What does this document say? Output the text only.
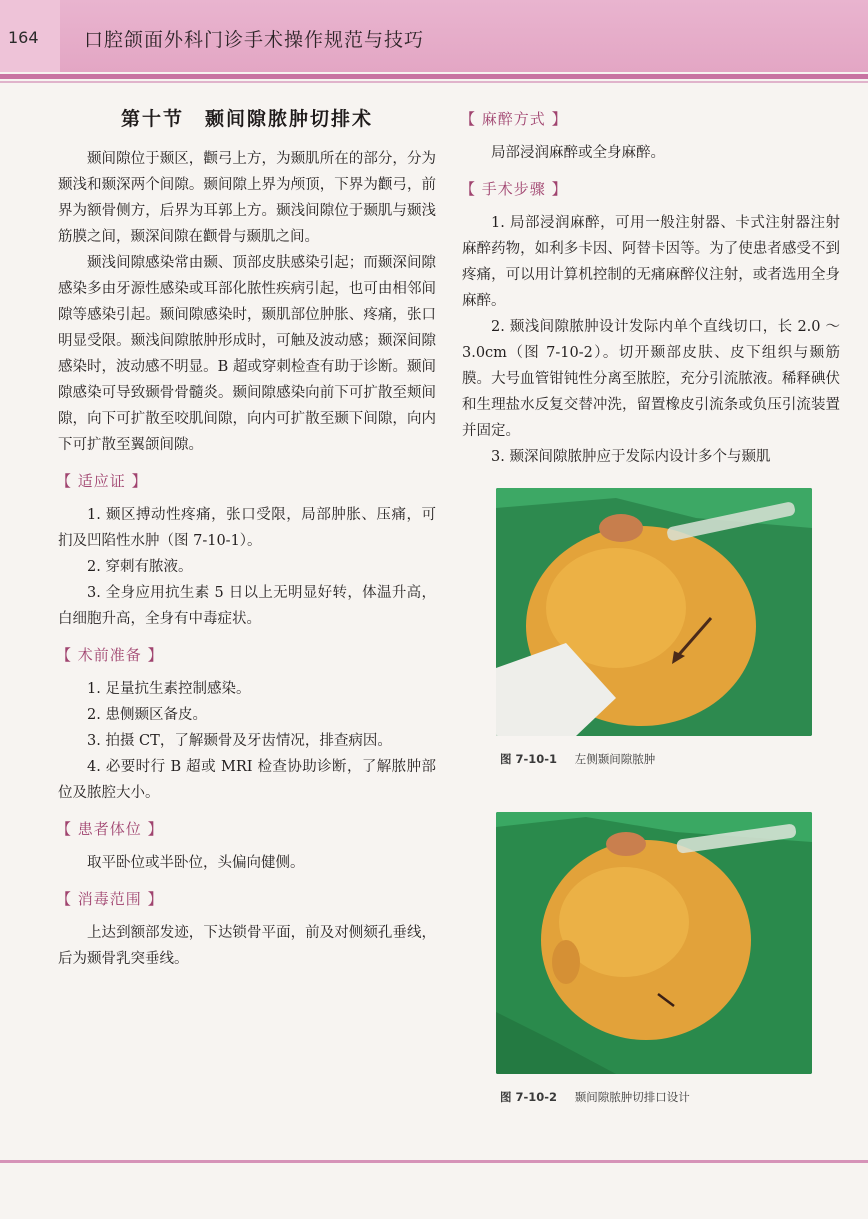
164 口腔颌面外科门诊手术操作规范与技巧
第十节　颞间隙脓肿切排术

颞间隙位于颞区，颧弓上方，为颞肌所在的部分，分为颞浅和颞深两个间隙。颞间隙上界为颅顶，下界为颧弓，前界为额骨侧方，后界为耳郭上方。颞浅间隙位于颞肌与颞浅筋膜之间，颞深间隙在颧骨与颞肌之间。

颞浅间隙感染常由颞、顶部皮肤感染引起；而颞深间隙感染多由牙源性感染或耳部化脓性疾病引起，也可由相邻间隙等感染引起。颞间隙感染时，颞肌部位肿胀、疼痛，张口明显受限。颞浅间隙脓肿形成时，可触及波动感；颞深间隙感染时，波动感不明显。B 超或穿刺检查有助于诊断。颞间隙感染可导致颞骨骨髓炎。颞间隙感染向前下可扩散至颊间隙，向下可扩散至咬肌间隙，向内可扩散至颞下间隙，向内下可扩散至翼颌间隙。

【 适应证 】

1. 颞区搏动性疼痛，张口受限，局部肿胀、压痛，可扪及凹陷性水肿（图 7-10-1）。

2. 穿刺有脓液。

3. 全身应用抗生素 5 日以上无明显好转，体温升高，白细胞升高，全身有中毒症状。

【 术前准备 】

1. 足量抗生素控制感染。

2. 患侧颞区备皮。

3. 拍摄 CT，了解颞骨及牙齿情况，排查病因。

4. 必要时行 B 超或 MRI 检查协助诊断，了解脓肿部位及脓腔大小。

【 患者体位 】

取平卧位或半卧位，头偏向健侧。

【 消毒范围 】

上达到额部发迹，下达锁骨平面，前及对侧颏孔垂线，后为颞骨乳突垂线。

【 麻醉方式 】

局部浸润麻醉或全身麻醉。

【 手术步骤 】

1. 局部浸润麻醉，可用一般注射器、卡式注射器注射麻醉药物，如利多卡因、阿替卡因等。为了使患者感受不到疼痛，可以用计算机控制的无痛麻醉仪注射，或者选用全身麻醉。

2. 颞浅间隙脓肿设计发际内单个直线切口，长 2.0 ～ 3.0cm（图 7-10-2）。切开颞部皮肤、皮下组织与颞筋膜。大号血管钳钝性分离至脓腔，充分引流脓液。稀释碘伏和生理盐水反复交替冲洗，留置橡皮引流条或负压引流装置并固定。

3. 颞深间隙脓肿应于发际内设计多个与颞肌

图 7-10-1 左侧颞间隙脓肿
图 7-10-2 颞间隙脓肿切排口设计
